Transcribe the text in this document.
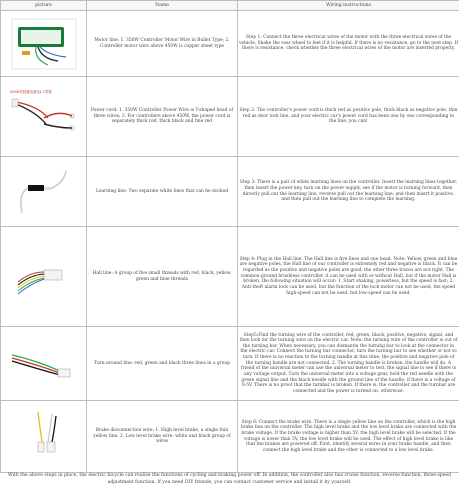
picture	Name	Wiring instructions

	Motor line: 1. 350W Controller Motor Wire in Bullet Type; 2. Controller motor wire above 450W is copper sheet type	Step 1: Connect the three electrical wires of the motor with the three electrical wires of the vehicle. Shake the rear wheel to feel if it is helpful. If there is no resistance, go to the next step. If there is resistance, check whether the three electrical wires of the motor are inserted properly.

350W控制器电源线1.T型插	Power cord: 1. 350W Controller Power Wire is T-shaped head of three wires; 2. For controllers above 450W, the power cord is separately thick red, thick black and fine red	Step 2: The controller's power cord is thick red as positive pole, thick black as negative pole, thin red as door lock line, and your electric car's power cord has been one by one corresponding to the line, you can!

	Learning line: Two separate white lines that can be docked	Step 3: There is a pair of white learning lines on the controller. Insert the learning lines together, then insert the power key, turn on the power supply, see if the motor is turning forward, then directly pull out the learning line, reverse pull out the learning line, and then insert it positive, and then pull out the learning line to complete the learning.

	Hall line: A group of five small threads with red, black, yellow, green and blue threads	Step 4: Plug in the Hall line. The Hall line is five lines and one head. Note: Yellow, green and blue are negative poles, the Hall line of our controller is extremely red and negative is black. It can be regarded as the positive and negative poles are good, the other three traces are not right. The common-ground brushless controller, it can be used with or without Hall, but if the motor Hall is broken, the following situation will occur: 1. Start shaking, powerless, but the speed is fast; 2. Anti-theft alarm lock can be used, but the function of the lock motor can not be used, the speed high-speed can not be used, but low-speed can be used.

	Turn-around line: red, green and black three lines in a group	Step5:Find the turning wire of the controller, red, green, black, positive, negative, signal, and then look for the turning wire on the electric car. Note: the turning wire of the controller is out of the turning bar. When necessary, you can dismantle the turning bar to look at the connector in the electric car. Connect the turning bar connector, turn the turning bar to see whether or not to turn. If there is no reaction to the turning handle at this time, the positive and negative pole of the turning handle are not connected. 2. The turning handle is broken, the handle will do. A friend of the universal meter can use the universal meter to test, the signal line to see if there is any voltage output. Turn the universal meter into a voltage gear, hold the red needle with the green signal line and the black needle with the ground line of the handle, if there is a voltage of 0-5V. There is no proof that the turnbar is broken. If there is, the controller and the turnbar are connected and the power is turned on, otherwise.

	Brake disconnection wire: 1. High level brake, a single thin yellow line. 2. Low level brake wire: white and black group of wires	Step 6: Connect the brake wire. There is a single yellow line on the controller, which is the high brake line on the controller. The high level brake and the low level brake are connected with the brake voltage. If the brake voltage is higher than 5V, the high level brake will be selected. If the voltage is lower than 5V, the low level brake will be used. The effect of high level brake is like that the brakes are powered off. First, identify several wires in your brake handle, and then connect the high level brake and the other is connected to a low level brake.
With the above steps in place, the electric bicycle can realize the functions of cycling and braking power off. In addition, the controller also has cruise function, reverse function, three-speed adjustment function. If you need DIY friends, you can contact customer service and install it by yourself.
